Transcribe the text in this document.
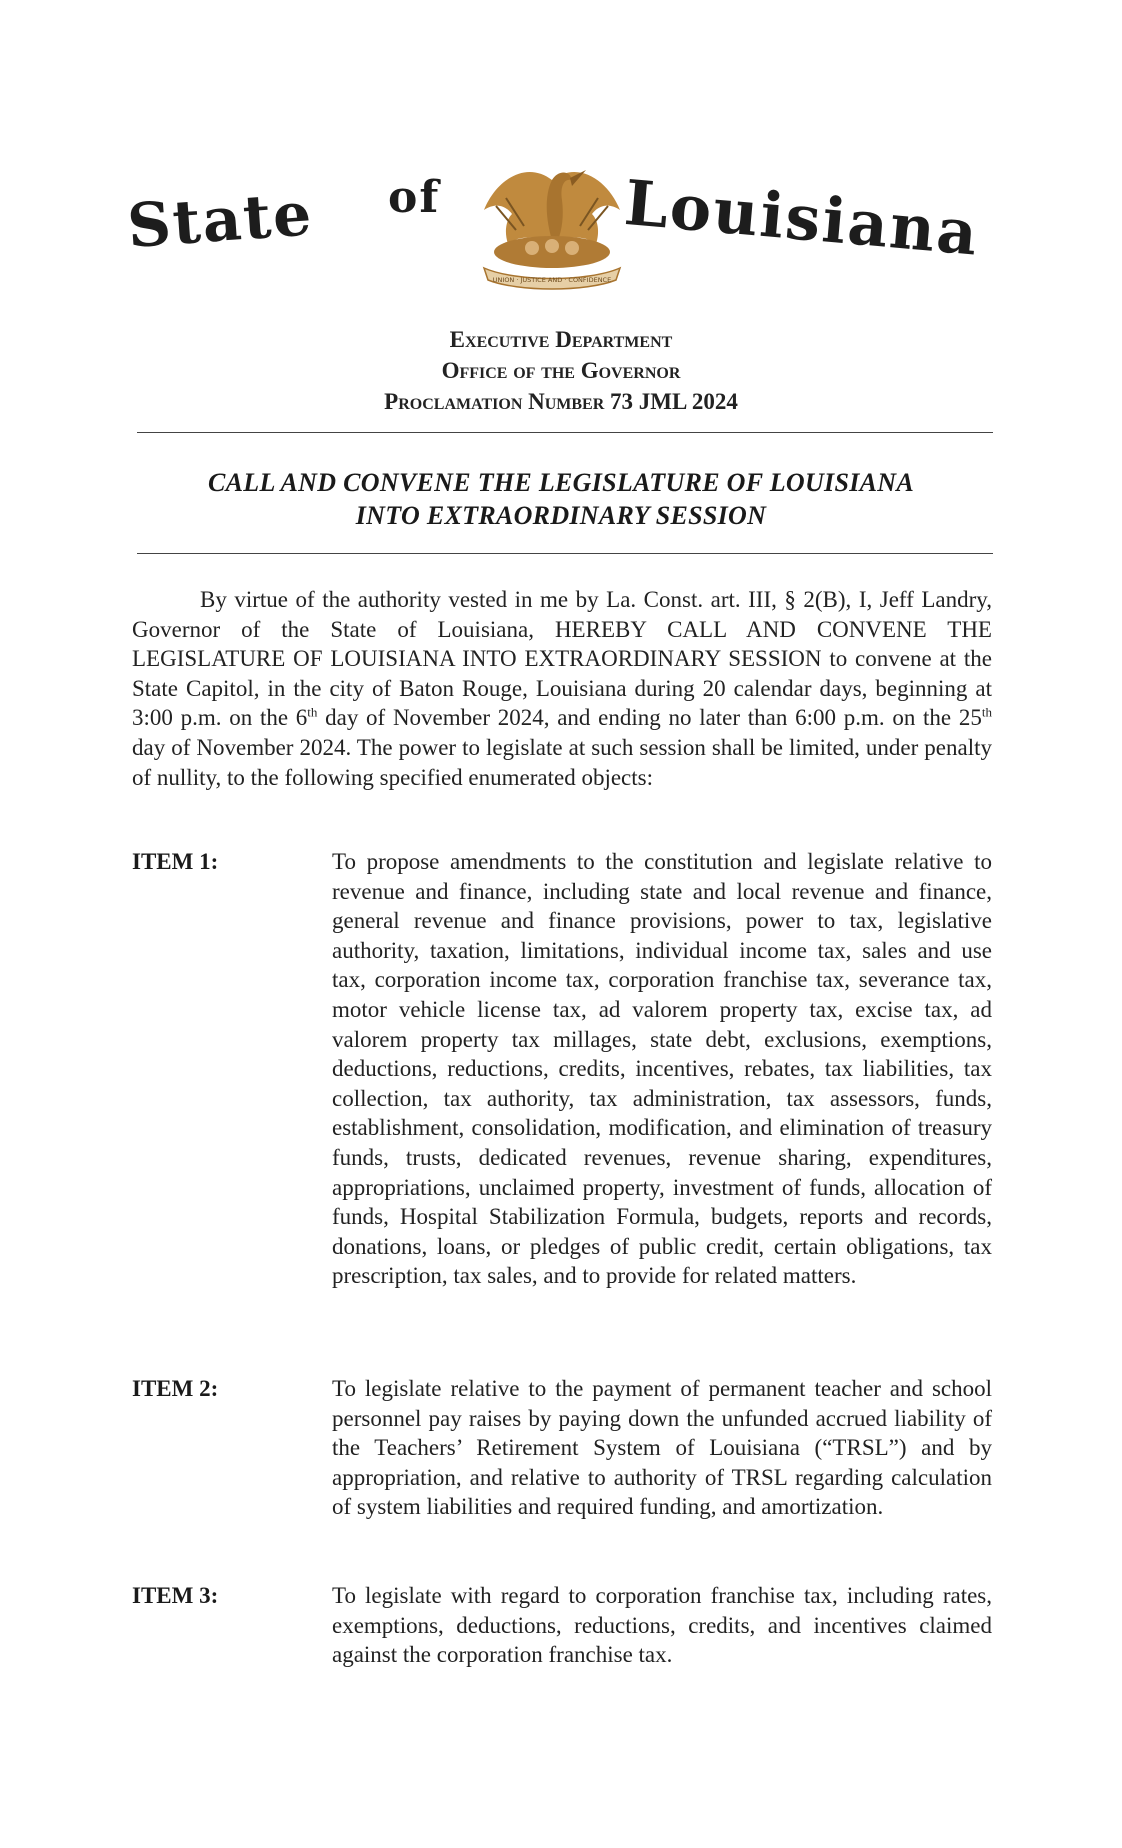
State of
UNION · JUSTICE AND · CONFIDENCE
Louisiana
Executive Department
Office of the Governor
Proclamation Number 73 JML 2024
CALL AND CONVENE THE LEGISLATURE OF LOUISIANA
INTO EXTRAORDINARY SESSION
By virtue of the authority vested in me by La. Const. art. III, § 2(B), I, Jeff Landry, Governor of the State of Louisiana, HEREBY CALL AND CONVENE THE LEGISLATURE OF LOUISIANA INTO EXTRAORDINARY SESSION to convene at the State Capitol, in the city of Baton Rouge, Louisiana during 20 calendar days, beginning at 3:00 p.m. on the 6th day of November 2024, and ending no later than 6:00 p.m. on the 25th day of November 2024. The power to legislate at such session shall be limited, under penalty of nullity, to the following specified enumerated objects:
ITEM 1:	To propose amendments to the constitution and legislate relative to revenue and finance, including state and local revenue and finance, general revenue and finance provisions, power to tax, legislative authority, taxation, limitations, individual income tax, sales and use tax, corporation income tax, corporation franchise tax, severance tax, motor vehicle license tax, ad valorem property tax, excise tax, ad valorem property tax millages, state debt, exclusions, exemptions, deductions, reductions, credits, incentives, rebates, tax liabilities, tax collection, tax authority, tax administration, tax assessors, funds, establishment, consolidation, modification, and elimination of treasury funds, trusts, dedicated revenues, revenue sharing, expenditures, appropriations, unclaimed property, investment of funds, allocation of funds, Hospital Stabilization Formula, budgets, reports and records, donations, loans, or pledges of public credit, certain obligations, tax prescription, tax sales, and to provide for related matters.
ITEM 2:	To legislate relative to the payment of permanent teacher and school personnel pay raises by paying down the unfunded accrued liability of the Teachers’ Retirement System of Louisiana (“TRSL”) and by appropriation, and relative to authority of TRSL regarding calculation of system liabilities and required funding, and amortization.
ITEM 3:	To legislate with regard to corporation franchise tax, including rates, exemptions, deductions, reductions, credits, and incentives claimed against the corporation franchise tax.
